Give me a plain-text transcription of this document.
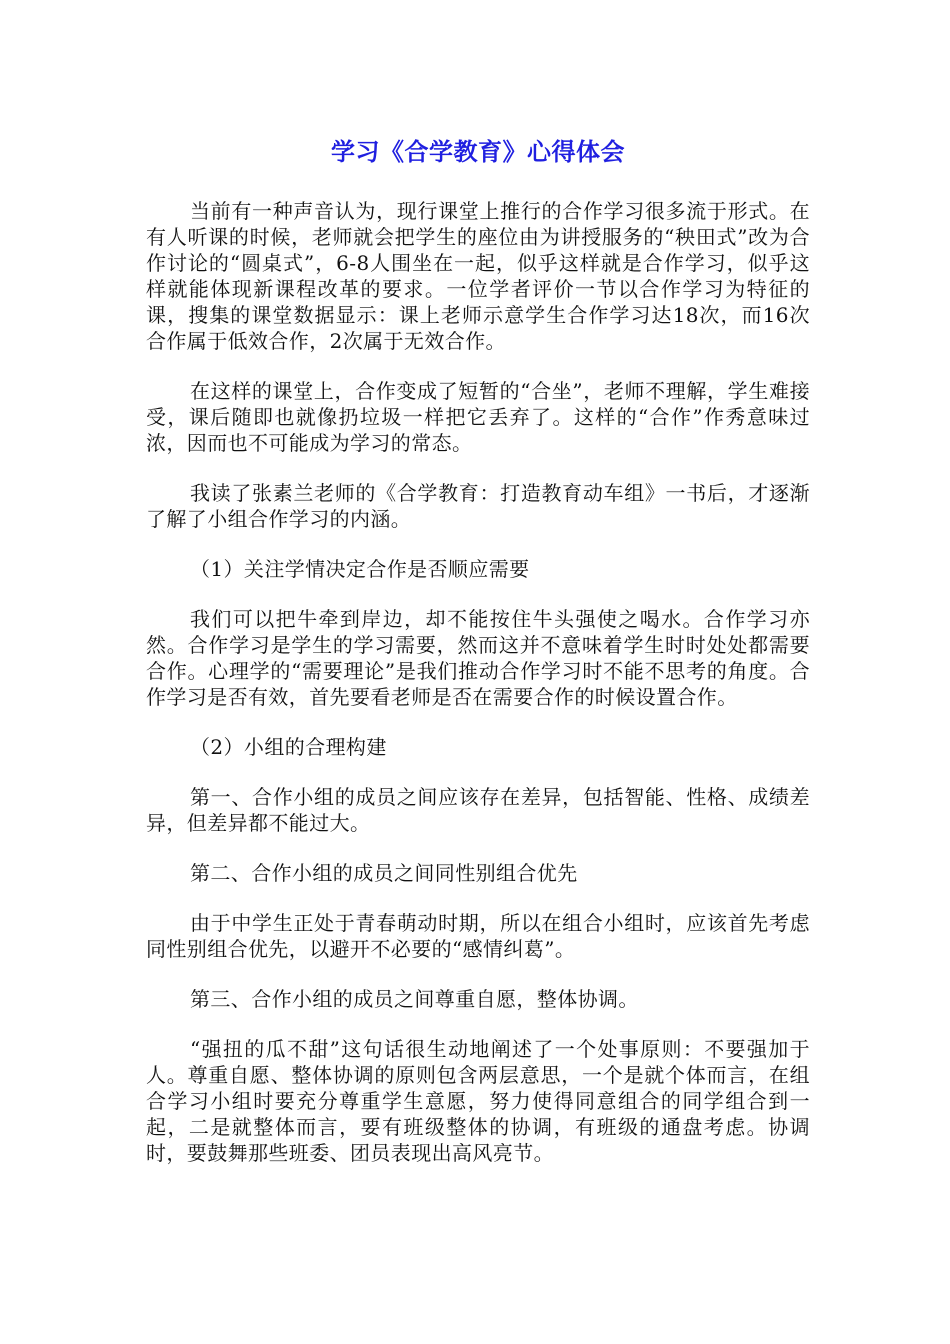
学习《合学教育》心得体会

当前有一种声音认为，现行课堂上推行的合作学习很多流于形式。在有人听课的时候，老师就会把学生的座位由为讲授服务的“秧田式”改为合作讨论的“圆桌式”，6-8人围坐在一起，似乎这样就是合作学习，似乎这样就能体现新课程改革的要求。一位学者评价一节以合作学习为特征的课，搜集的课堂数据显示：课上老师示意学生合作学习达18次，而16次合作属于低效合作，2次属于无效合作。

在这样的课堂上，合作变成了短暂的“合坐”，老师不理解，学生难接受，课后随即也就像扔垃圾一样把它丢弃了。这样的“合作”作秀意味过浓，因而也不可能成为学习的常态。

我读了张素兰老师的《合学教育：打造教育动车组》一书后，才逐渐了解了小组合作学习的内涵。

（1）关注学情决定合作是否顺应需要

我们可以把牛牵到岸边，却不能按住牛头强使之喝水。合作学习亦然。合作学习是学生的学习需要，然而这并不意味着学生时时处处都需要合作。心理学的“需要理论”是我们推动合作学习时不能不思考的角度。合作学习是否有效，首先要看老师是否在需要合作的时候设置合作。

（2）小组的合理构建

第一、合作小组的成员之间应该存在差异，包括智能、性格、成绩差异，但差异都不能过大。

第二、合作小组的成员之间同性别组合优先

由于中学生正处于青春萌动时期，所以在组合小组时，应该首先考虑同性别组合优先，以避开不必要的“感情纠葛”。

第三、合作小组的成员之间尊重自愿，整体协调。

“强扭的瓜不甜”这句话很生动地阐述了一个处事原则：不要强加于人。尊重自愿、整体协调的原则包含两层意思，一个是就个体而言，在组合学习小组时要充分尊重学生意愿，努力使得同意组合的同学组合到一起，二是就整体而言，要有班级整体的协调，有班级的通盘考虑。协调时，要鼓舞那些班委、团员表现出高风亮节。
